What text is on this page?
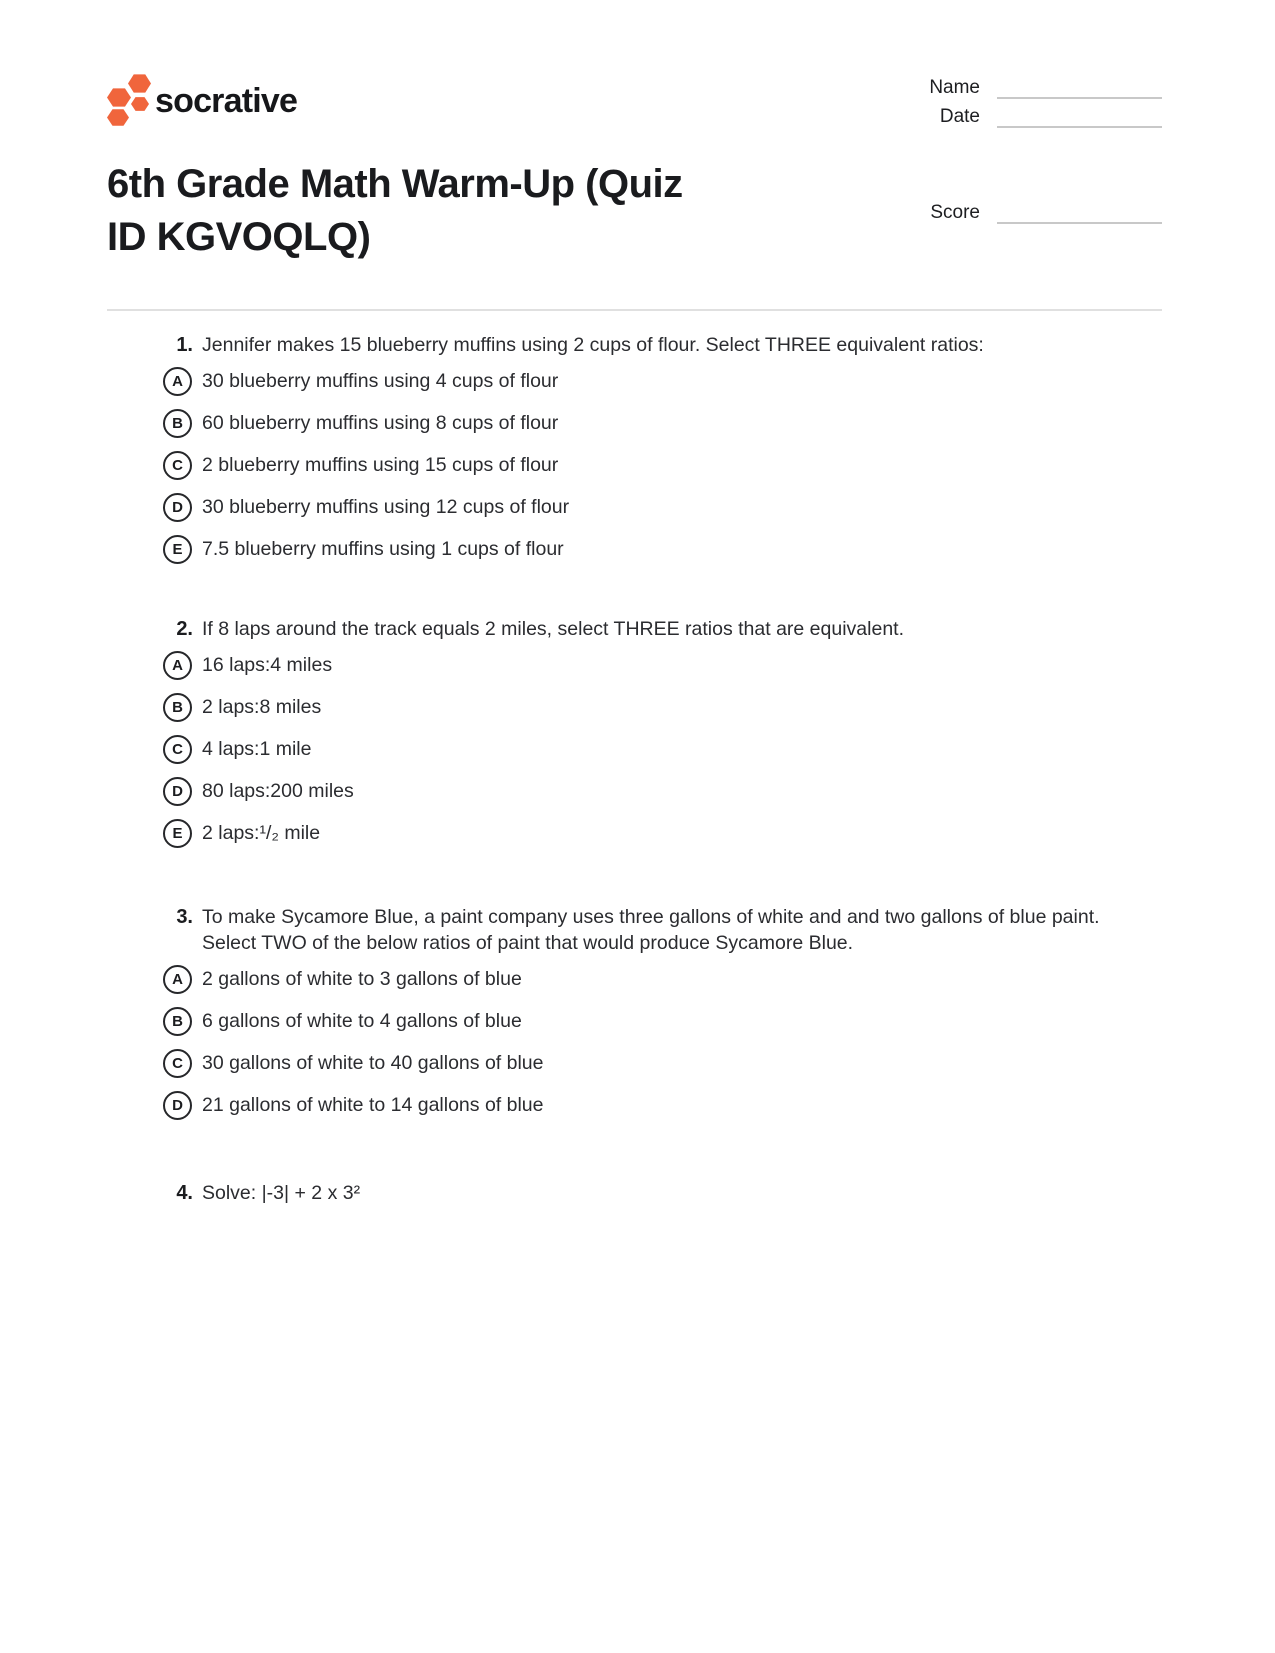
socrative	Name
Date
Score
6th Grade Math Warm-Up (Quiz
ID KGVOQLQ)
1. Jennifer makes 15 blueberry muffins using 2 cups of flour. Select THREE equivalent ratios:
A 30 blueberry muffins using 4 cups of flour
B 60 blueberry muffins using 8 cups of flour
C 2 blueberry muffins using 15 cups of flour
D 30 blueberry muffins using 12 cups of flour
E 7.5 blueberry muffins using 1 cups of flour
2. If 8 laps around the track equals 2 miles, select THREE ratios that are equivalent.
A 16 laps:4 miles
B 2 laps:8 miles
C 4 laps:1 mile
D 80 laps:200 miles
E 2 laps:¹/₂ mile
3. To make Sycamore Blue, a paint company uses three gallons of white and and two gallons of blue paint. Select TWO of the below ratios of paint that would produce Sycamore Blue.
A 2 gallons of white to 3 gallons of blue
B 6 gallons of white to 4 gallons of blue
C 30 gallons of white to 40 gallons of blue
D 21 gallons of white to 14 gallons of blue
4. Solve: |-3| + 2 x 3²
